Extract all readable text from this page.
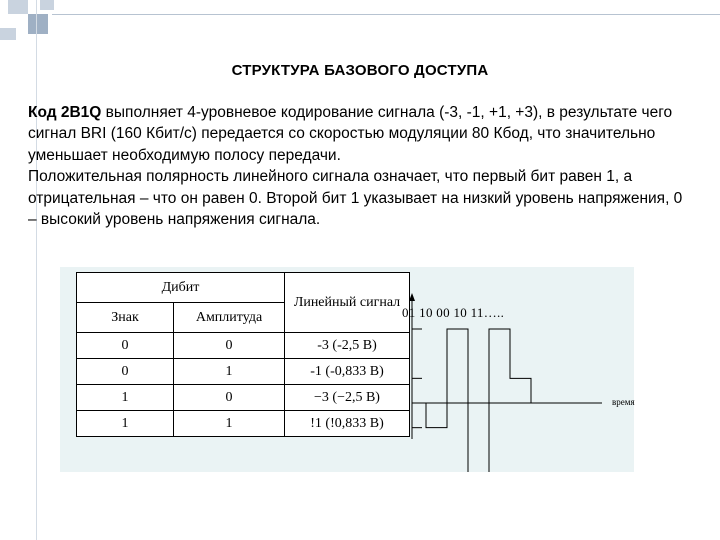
СТРУКТУРА БАЗОВОГО ДОСТУПА

Код 2B1Q выполняет 4-уровневое кодирование сигнала (-3, -1, +1, +3), в результате чего сигнал BRI (160 Кбит/с) передается со скоростью модуляции 80 Кбод, что значительно уменьшает необходимую полосу передачи.

Положительная полярность линейного сигнала означает, что первый бит равен 1, а отрицательная – что он равен 0. Второй бит 1 указывает на низкий уровень напряжения, 0 – высокий уровень напряжения сигнала.

Дибит		Линейный сигнал
Знак	Амплитуда	
0	0	-3 (-2,5 В)
0	1	-1 (-0,833 В)
1	0	−3 (−2,5 В)
1	1	!1 (!0,833 В)
01 10 00 10 11…..
время
